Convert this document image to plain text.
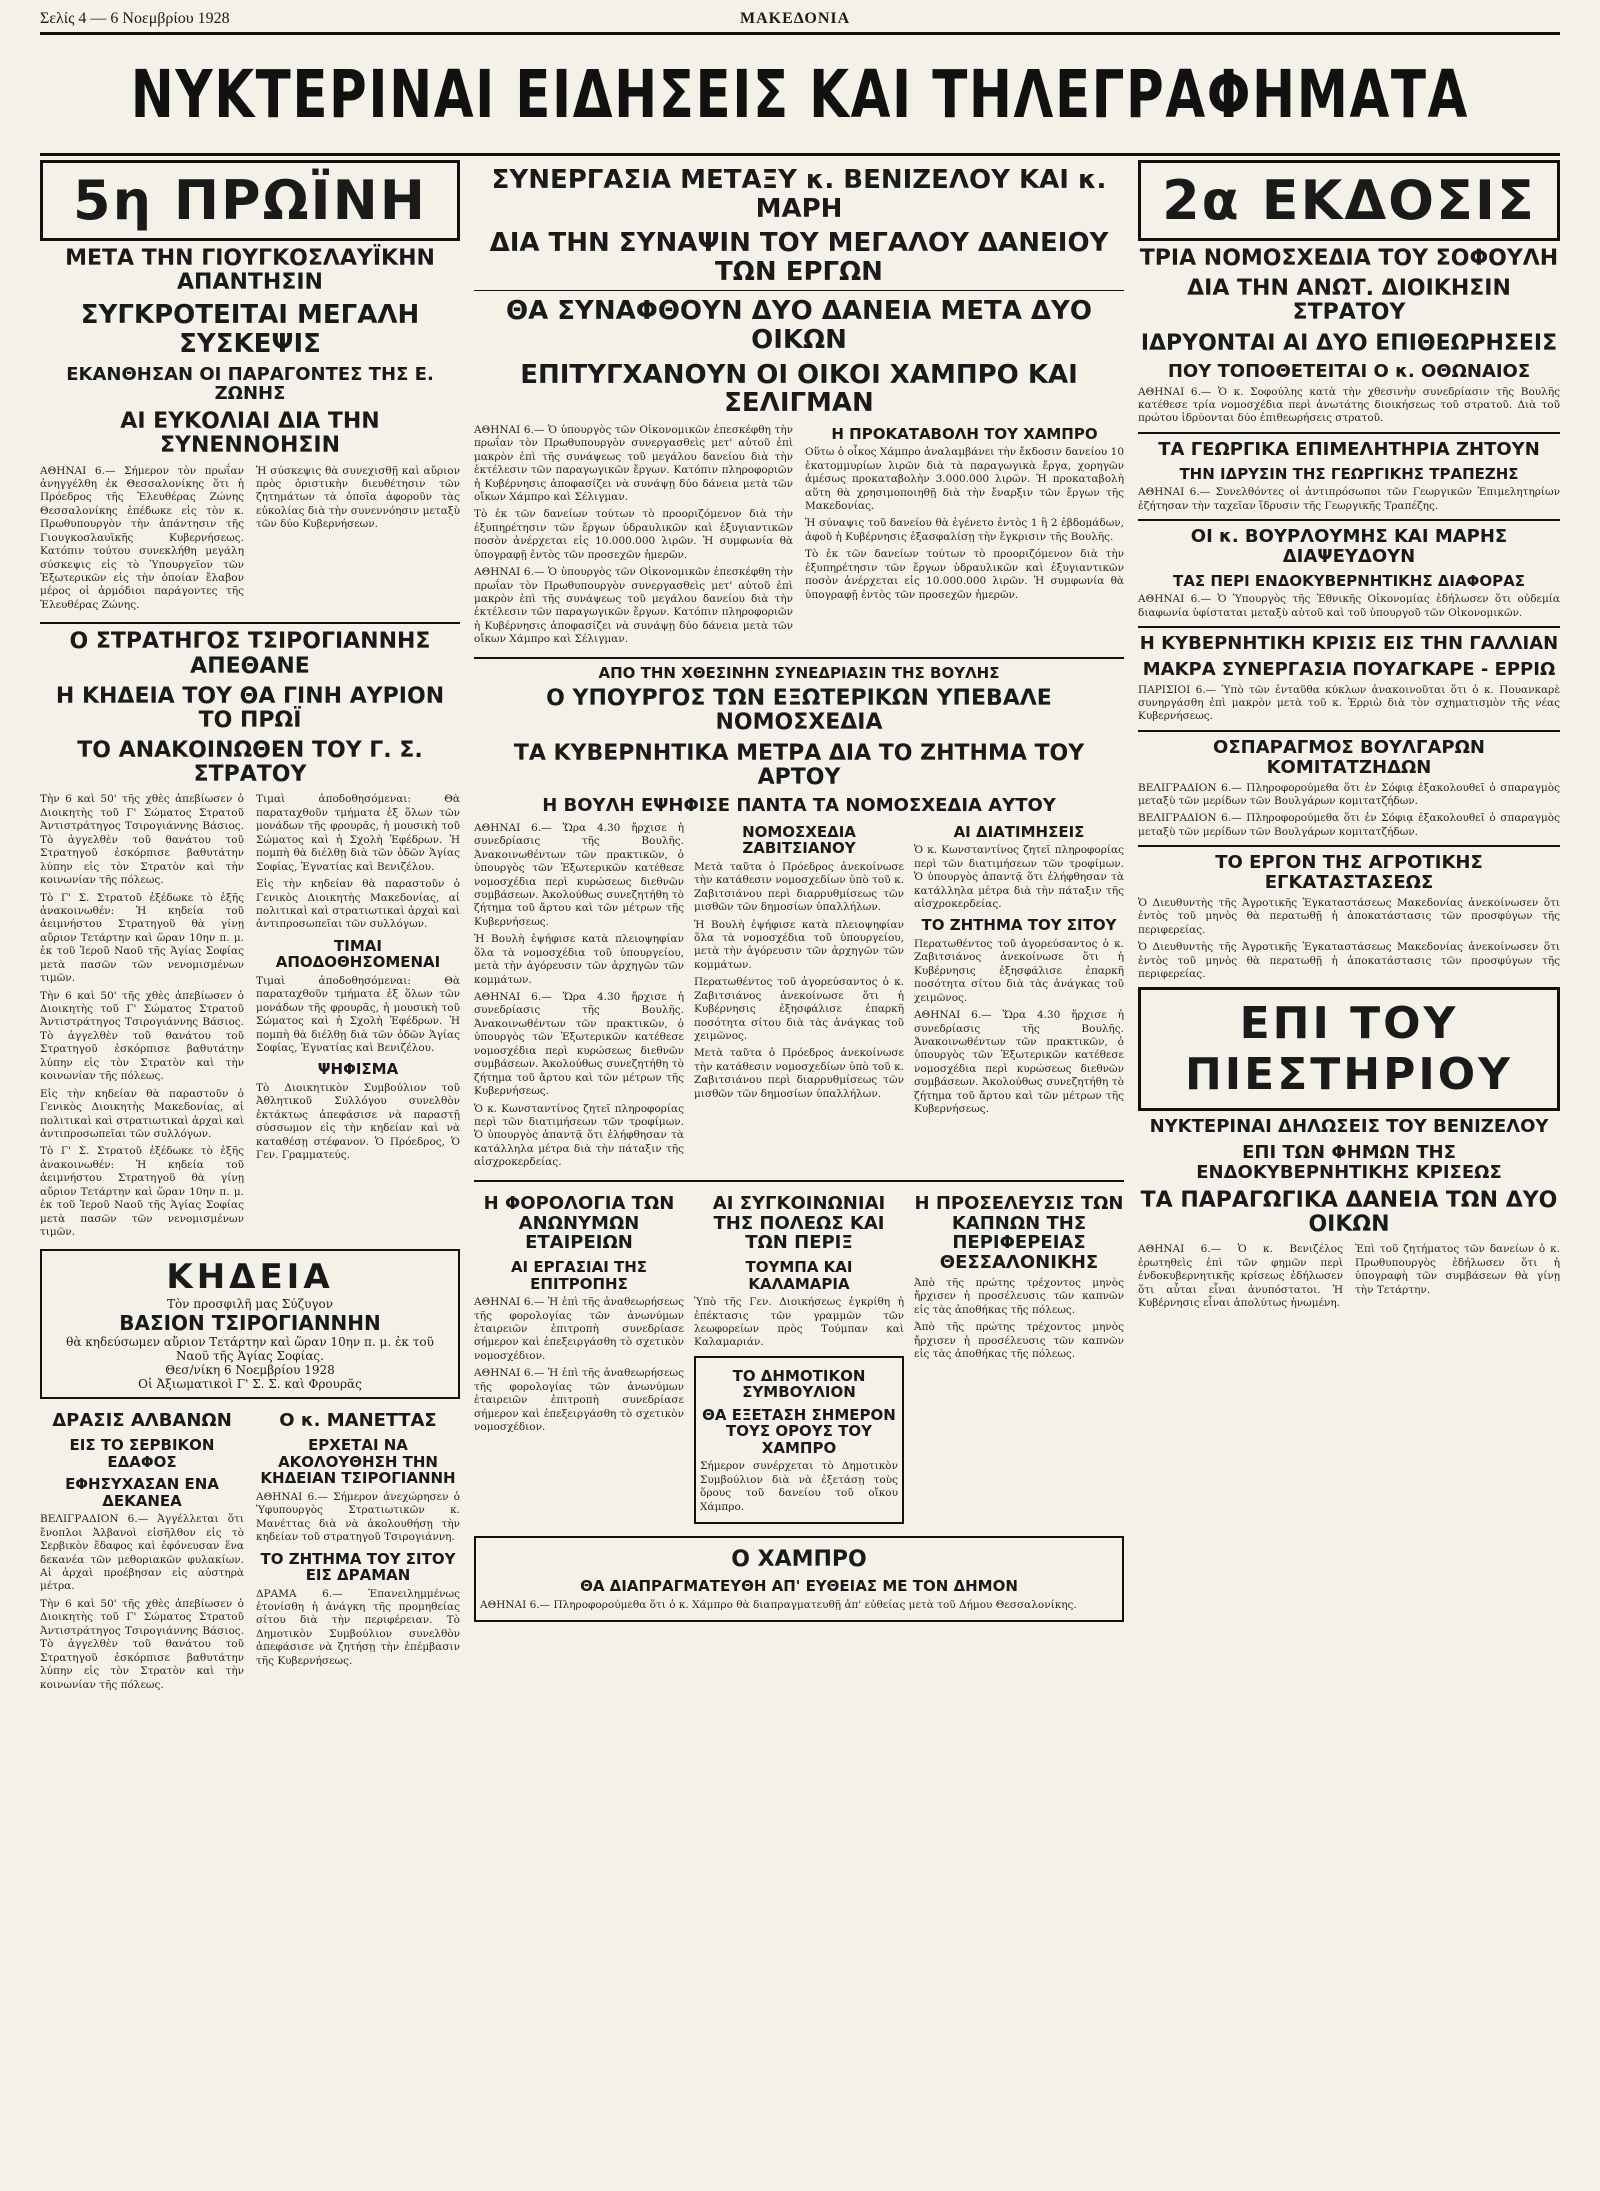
Σελίς 4 — 6 Νοεμβρίου 1928	ΜΑΚΕΔΟΝΙΑ
ΝΥΚΤΕΡΙΝΑΙ ΕΙΔΗΣΕΙΣ ΚΑΙ ΤΗΛΕΓΡΑΦΗΜΑΤΑ
5η ΠΡΩΪΝΗ
ΜΕΤΑ ΤΗΝ ΓΙΟΥΓΚΟΣΛΑΥΪΚΗΝ ΑΠΑΝΤΗΣΙΝ
ΣΥΓΚΡΟΤΕΙΤΑΙ ΜΕΓΑΛΗ ΣΥΣΚΕΨΙΣ
ΕΚΑΝΘΗΣΑΝ ΟΙ ΠΑΡΑΓΟΝΤΕΣ ΤΗΣ Ε. ΖΩΝΗΣ
ΑΙ ΕΥΚΟΛΙΑΙ ΔΙΑ ΤΗΝ ΣΥΝΕΝΝΟΗΣΙΝ

ΑΘΗΝΑΙ 6.— Σήμερον τὸν πρωΐαν ἀνηγγέλθη ἐκ Θεσσαλονίκης ὅτι ἡ Πρόεδρος τῆς Ἐλευθέρας Ζώνης Θεσσαλονίκης ἐπέδωκε εἰς τὸν κ. Πρωθυπουργὸν τὴν ἀπάντησιν τῆς Γιουγκοσλαυϊκῆς Κυβερνήσεως. Κατόπιν τούτου συνεκλήθη μεγάλη σύσκεψις εἰς τὸ Ὑπουργεῖον τῶν Ἐξωτερικῶν εἰς τὴν ὁποίαν ἔλαβον μέρος οἱ ἁρμόδιοι παράγοντες τῆς Ἐλευθέρας Ζώνης.

Ἡ σύσκεψις θὰ συνεχισθῇ καὶ αὔριον πρὸς ὁριστικὴν διευθέτησιν τῶν ζητημάτων τὰ ὁποῖα ἀφοροῦν τὰς εὐκολίας διὰ τὴν συνεννόησιν μεταξὺ τῶν δύο Κυβερνήσεων.

Ο ΣΤΡΑΤΗΓΟΣ ΤΣΙΡΟΓΙΑΝΝΗΣ ΑΠΕΘΑΝΕ
Η ΚΗΔΕΙΑ ΤΟΥ ΘΑ ΓΙΝΗ ΑΥΡΙΟΝ ΤΟ ΠΡΩΪ
ΤΟ ΑΝΑΚΟΙΝΩΘΕΝ ΤΟΥ Γ. Σ. ΣΤΡΑΤΟΥ

Τὴν 6 καὶ 50' τῆς χθὲς ἀπεβίωσεν ὁ Διοικητὴς τοῦ Γ' Σώματος Στρατοῦ Ἀντιστράτηγος Τσιρογιάννης Βάσιος. Τὸ ἀγγελθὲν τοῦ θανάτου τοῦ Στρατηγοῦ ἐσκόρπισε βαθυτάτην λύπην εἰς τὸν Στρατὸν καὶ τὴν κοινωνίαν τῆς πόλεως.

Τὸ Γ' Σ. Στρατοῦ ἐξέδωκε τὸ ἑξῆς ἀνακοινωθέν: Ἡ κηδεία τοῦ ἀειμνήστου Στρατηγοῦ θὰ γίνῃ αὔριον Τετάρτην καὶ ὥραν 10ην π. μ. ἐκ τοῦ Ἱεροῦ Ναοῦ τῆς Ἁγίας Σοφίας μετὰ πασῶν τῶν νενομισμένων τιμῶν.

Τὴν 6 καὶ 50' τῆς χθὲς ἀπεβίωσεν ὁ Διοικητὴς τοῦ Γ' Σώματος Στρατοῦ Ἀντιστράτηγος Τσιρογιάννης Βάσιος. Τὸ ἀγγελθὲν τοῦ θανάτου τοῦ Στρατηγοῦ ἐσκόρπισε βαθυτάτην λύπην εἰς τὸν Στρατὸν καὶ τὴν κοινωνίαν τῆς πόλεως.

Εἰς τὴν κηδείαν θὰ παραστοῦν ὁ Γενικὸς Διοικητὴς Μακεδονίας, αἱ πολιτικαὶ καὶ στρατιωτικαὶ ἀρχαὶ καὶ ἀντιπροσωπεῖαι τῶν συλλόγων.

Τὸ Γ' Σ. Στρατοῦ ἐξέδωκε τὸ ἑξῆς ἀνακοινωθέν: Ἡ κηδεία τοῦ ἀειμνήστου Στρατηγοῦ θὰ γίνῃ αὔριον Τετάρτην καὶ ὥραν 10ην π. μ. ἐκ τοῦ Ἱεροῦ Ναοῦ τῆς Ἁγίας Σοφίας μετὰ πασῶν τῶν νενομισμένων τιμῶν.

Τιμαὶ ἀποδοθησόμεναι: Θὰ παραταχθοῦν τμήματα ἐξ ὅλων τῶν μονάδων τῆς φρουρᾶς, ἡ μουσικὴ τοῦ Σώματος καὶ ἡ Σχολὴ Ἐφέδρων. Ἡ πομπὴ θὰ διέλθῃ διὰ τῶν ὁδῶν Ἁγίας Σοφίας, Ἐγνατίας καὶ Βενιζέλου.

Εἰς τὴν κηδείαν θὰ παραστοῦν ὁ Γενικὸς Διοικητὴς Μακεδονίας, αἱ πολιτικαὶ καὶ στρατιωτικαὶ ἀρχαὶ καὶ ἀντιπροσωπεῖαι τῶν συλλόγων.

ΤΙΜΑΙ ΑΠΟΔΟΘΗΣΟΜΕΝΑΙ

Τιμαὶ ἀποδοθησόμεναι: Θὰ παραταχθοῦν τμήματα ἐξ ὅλων τῶν μονάδων τῆς φρουρᾶς, ἡ μουσικὴ τοῦ Σώματος καὶ ἡ Σχολὴ Ἐφέδρων. Ἡ πομπὴ θὰ διέλθῃ διὰ τῶν ὁδῶν Ἁγίας Σοφίας, Ἐγνατίας καὶ Βενιζέλου.

ΨΗΦΙΣΜΑ

Τὸ Διοικητικὸν Συμβούλιον τοῦ Ἀθλητικοῦ Συλλόγου συνελθὸν ἐκτάκτως ἀπεφάσισε νὰ παραστῇ σύσσωμον εἰς τὴν κηδείαν καὶ νὰ καταθέσῃ στέφανον. Ὁ Πρόεδρος, Ὁ Γεν. Γραμματεύς.

ΚΗΔΕΙΑ
Τὸν προσφιλῆ μας Σύζυγον
ΒΑΣΙΟΝ ΤΣΙΡΟΓΙΑΝΝΗΝ
θὰ κηδεύσωμεν αὔριον Τετάρτην καὶ ὥραν 10ην π. μ. ἐκ τοῦ Ναοῦ τῆς Ἁγίας Σοφίας.
Θεσ/νίκη 6 Νοεμβρίου 1928
Οἱ Ἀξιωματικοὶ Γ' Σ. Σ. καὶ Φρουρᾶς
ΔΡΑΣΙΣ ΑΛΒΑΝΩΝ
ΕΙΣ ΤΟ ΣΕΡΒΙΚΟΝ ΕΔΑΦΟΣ
ΕΦΗΣΥΧΑΣΑΝ ΕΝΑ ΔΕΚΑΝΕΑ

ΒΕΛΙΓΡΑΔΙΟΝ 6.— Ἀγγέλλεται ὅτι ἔνοπλοι Ἀλβανοὶ εἰσῆλθον εἰς τὸ Σερβικὸν ἔδαφος καὶ ἐφόνευσαν ἕνα δεκανέα τῶν μεθοριακῶν φυλακίων. Αἱ ἀρχαὶ προέβησαν εἰς αὐστηρὰ μέτρα.

Τὴν 6 καὶ 50' τῆς χθὲς ἀπεβίωσεν ὁ Διοικητὴς τοῦ Γ' Σώματος Στρατοῦ Ἀντιστράτηγος Τσιρογιάννης Βάσιος. Τὸ ἀγγελθὲν τοῦ θανάτου τοῦ Στρατηγοῦ ἐσκόρπισε βαθυτάτην λύπην εἰς τὸν Στρατὸν καὶ τὴν κοινωνίαν τῆς πόλεως.

Ο κ. ΜΑΝΕΤΤΑΣ
ΕΡΧΕΤΑΙ ΝΑ ΑΚΟΛΟΥΘΗΣΗ ΤΗΝ ΚΗΔΕΙΑΝ ΤΣΙΡΟΓΙΑΝΝΗ

ΑΘΗΝΑΙ 6.— Σήμερον ἀνεχώρησεν ὁ Ὑφυπουργὸς Στρατιωτικῶν κ. Μανέττας διὰ νὰ ἀκολουθήσῃ τὴν κηδείαν τοῦ στρατηγοῦ Τσιρογιάννη.

ΤΟ ΖΗΤΗΜΑ ΤΟΥ ΣΙΤΟΥ ΕΙΣ ΔΡΑΜΑΝ

ΔΡΑΜΑ 6.— Ἐπανειλημμένως ἐτονίσθη ἡ ἀνάγκη τῆς προμηθείας σίτου διὰ τὴν περιφέρειαν. Τὸ Δημοτικὸν Συμβούλιον συνελθὸν ἀπεφάσισε νὰ ζητήσῃ τὴν ἐπέμβασιν τῆς Κυβερνήσεως.

ΣΥΝΕΡΓΑΣΙΑ ΜΕΤΑΞΥ κ. ΒΕΝΙΖΕΛΟΥ ΚΑΙ κ. ΜΑΡΗ
ΔΙΑ ΤΗΝ ΣΥΝΑΨΙΝ ΤΟΥ ΜΕΓΑΛΟΥ ΔΑΝΕΙΟΥ ΤΩΝ ΕΡΓΩΝ
ΘΑ ΣΥΝΑΦΘΟΥΝ ΔΥΟ ΔΑΝΕΙΑ ΜΕΤΑ ΔΥΟ ΟΙΚΩΝ
ΕΠΙΤΥΓΧΑΝΟΥΝ ΟΙ ΟΙΚΟΙ ΧΑΜΠΡΟ ΚΑΙ ΣΕΛΙΓΜΑΝ

ΑΘΗΝΑΙ 6.— Ὁ ὑπουργὸς τῶν Οἰκονομικῶν ἐπεσκέφθη τὴν πρωΐαν τὸν Πρωθυπουργὸν συνεργασθεὶς μετ' αὐτοῦ ἐπὶ μακρὸν ἐπὶ τῆς συνάψεως τοῦ μεγάλου δανείου διὰ τὴν ἐκτέλεσιν τῶν παραγωγικῶν ἔργων. Κατόπιν πληροφοριῶν ἡ Κυβέρνησις ἀποφασίζει νὰ συνάψῃ δύο δάνεια μετὰ τῶν οἴκων Χάμπρο καὶ Σέλιγμαν.

Τὸ ἐκ τῶν δανείων τούτων τὸ προοριζόμενον διὰ τὴν ἐξυπηρέτησιν τῶν ἔργων ὑδραυλικῶν καὶ ἐξυγιαντικῶν ποσὸν ἀνέρχεται εἰς 10.000.000 λιρῶν. Ἡ συμφωνία θὰ ὑπογραφῇ ἐντὸς τῶν προσεχῶν ἡμερῶν.

ΑΘΗΝΑΙ 6.— Ὁ ὑπουργὸς τῶν Οἰκονομικῶν ἐπεσκέφθη τὴν πρωΐαν τὸν Πρωθυπουργὸν συνεργασθεὶς μετ' αὐτοῦ ἐπὶ μακρὸν ἐπὶ τῆς συνάψεως τοῦ μεγάλου δανείου διὰ τὴν ἐκτέλεσιν τῶν παραγωγικῶν ἔργων. Κατόπιν πληροφοριῶν ἡ Κυβέρνησις ἀποφασίζει νὰ συνάψῃ δύο δάνεια μετὰ τῶν οἴκων Χάμπρο καὶ Σέλιγμαν.

Η ΠΡΟΚΑΤΑΒΟΛΗ ΤΟΥ ΧΑΜΠΡΟ

Οὕτω ὁ οἶκος Χάμπρο ἀναλαμβάνει τὴν ἔκδοσιν δανείου 10 ἑκατομμυρίων λιρῶν διὰ τὰ παραγωγικὰ ἔργα, χορηγῶν ἀμέσως προκαταβολὴν 3.000.000 λιρῶν. Ἡ προκαταβολὴ αὕτη θὰ χρησιμοποιηθῇ διὰ τὴν ἔναρξιν τῶν ἔργων τῆς Μακεδονίας.

Ἡ σύναψις τοῦ δανείου θὰ ἐγένετο ἐντὸς 1 ἢ 2 ἑβδομάδων, ἀφοῦ ἡ Κυβέρνησις ἐξασφαλίσῃ τὴν ἔγκρισιν τῆς Βουλῆς.

Τὸ ἐκ τῶν δανείων τούτων τὸ προοριζόμενον διὰ τὴν ἐξυπηρέτησιν τῶν ἔργων ὑδραυλικῶν καὶ ἐξυγιαντικῶν ποσὸν ἀνέρχεται εἰς 10.000.000 λιρῶν. Ἡ συμφωνία θὰ ὑπογραφῇ ἐντὸς τῶν προσεχῶν ἡμερῶν.

ΑΠΟ ΤΗΝ ΧΘΕΣΙΝΗΝ ΣΥΝΕΔΡΙΑΣΙΝ ΤΗΣ ΒΟΥΛΗΣ
Ο ΥΠΟΥΡΓΟΣ ΤΩΝ ΕΞΩΤΕΡΙΚΩΝ ΥΠΕΒΑΛΕ ΝΟΜΟΣΧΕΔΙΑ
ΤΑ ΚΥΒΕΡΝΗΤΙΚΑ ΜΕΤΡΑ ΔΙΑ ΤΟ ΖΗΤΗΜΑ ΤΟΥ ΑΡΤΟΥ
Η ΒΟΥΛΗ ΕΨΗΦΙΣΕ ΠΑΝΤΑ ΤΑ ΝΟΜΟΣΧΕΔΙΑ ΑΥΤΟΥ

ΑΘΗΝΑΙ 6.— Ὥρα 4.30 ἤρχισε ἡ συνεδρίασις τῆς Βουλῆς. Ἀνακοινωθέντων τῶν πρακτικῶν, ὁ ὑπουργὸς τῶν Ἐξωτερικῶν κατέθεσε νομοσχέδια περὶ κυρώσεως διεθνῶν συμβάσεων. Ἀκολούθως συνεζητήθη τὸ ζήτημα τοῦ ἄρτου καὶ τῶν μέτρων τῆς Κυβερνήσεως.

Ἡ Βουλὴ ἐψήφισε κατὰ πλειοψηφίαν ὅλα τὰ νομοσχέδια τοῦ ὑπουργείου, μετὰ τὴν ἀγόρευσιν τῶν ἀρχηγῶν τῶν κομμάτων.

ΑΘΗΝΑΙ 6.— Ὥρα 4.30 ἤρχισε ἡ συνεδρίασις τῆς Βουλῆς. Ἀνακοινωθέντων τῶν πρακτικῶν, ὁ ὑπουργὸς τῶν Ἐξωτερικῶν κατέθεσε νομοσχέδια περὶ κυρώσεως διεθνῶν συμβάσεων. Ἀκολούθως συνεζητήθη τὸ ζήτημα τοῦ ἄρτου καὶ τῶν μέτρων τῆς Κυβερνήσεως.

Ὁ κ. Κωνσταντίνος ζητεῖ πληροφορίας περὶ τῶν διατιμήσεων τῶν τροφίμων. Ὁ ὑπουργὸς ἀπαντᾷ ὅτι ἐλήφθησαν τὰ κατάλληλα μέτρα διὰ τὴν πάταξιν τῆς αἰσχροκερδείας.

ΝΟΜΟΣΧΕΔΙΑ ΖΑΒΙΤΣΙΑΝΟΥ

Μετὰ ταῦτα ὁ Πρόεδρος ἀνεκοίνωσε τὴν κατάθεσιν νομοσχεδίων ὑπὸ τοῦ κ. Ζαβιτσιάνου περὶ διαρρυθμίσεως τῶν μισθῶν τῶν δημοσίων ὑπαλλήλων.

Ἡ Βουλὴ ἐψήφισε κατὰ πλειοψηφίαν ὅλα τὰ νομοσχέδια τοῦ ὑπουργείου, μετὰ τὴν ἀγόρευσιν τῶν ἀρχηγῶν τῶν κομμάτων.

Περατωθέντος τοῦ ἀγορεύσαντος ὁ κ. Ζαβιτσιάνος ἀνεκοίνωσε ὅτι ἡ Κυβέρνησις ἐξησφάλισε ἐπαρκῆ ποσότητα σίτου διὰ τὰς ἀνάγκας τοῦ χειμῶνος.

Μετὰ ταῦτα ὁ Πρόεδρος ἀνεκοίνωσε τὴν κατάθεσιν νομοσχεδίων ὑπὸ τοῦ κ. Ζαβιτσιάνου περὶ διαρρυθμίσεως τῶν μισθῶν τῶν δημοσίων ὑπαλλήλων.

ΑΙ ΔΙΑΤΙΜΗΣΕΙΣ

Ὁ κ. Κωνσταντίνος ζητεῖ πληροφορίας περὶ τῶν διατιμήσεων τῶν τροφίμων. Ὁ ὑπουργὸς ἀπαντᾷ ὅτι ἐλήφθησαν τὰ κατάλληλα μέτρα διὰ τὴν πάταξιν τῆς αἰσχροκερδείας.

ΤΟ ΖΗΤΗΜΑ ΤΟΥ ΣΙΤΟΥ

Περατωθέντος τοῦ ἀγορεύσαντος ὁ κ. Ζαβιτσιάνος ἀνεκοίνωσε ὅτι ἡ Κυβέρνησις ἐξησφάλισε ἐπαρκῆ ποσότητα σίτου διὰ τὰς ἀνάγκας τοῦ χειμῶνος.

ΑΘΗΝΑΙ 6.— Ὥρα 4.30 ἤρχισε ἡ συνεδρίασις τῆς Βουλῆς. Ἀνακοινωθέντων τῶν πρακτικῶν, ὁ ὑπουργὸς τῶν Ἐξωτερικῶν κατέθεσε νομοσχέδια περὶ κυρώσεως διεθνῶν συμβάσεων. Ἀκολούθως συνεζητήθη τὸ ζήτημα τοῦ ἄρτου καὶ τῶν μέτρων τῆς Κυβερνήσεως.

Η ΦΟΡΟΛΟΓΙΑ ΤΩΝ ΑΝΩΝΥΜΩΝ ΕΤΑΙΡΕΙΩΝ
ΑΙ ΕΡΓΑΣΙΑΙ ΤΗΣ ΕΠΙΤΡΟΠΗΣ

ΑΘΗΝΑΙ 6.— Ἡ ἐπὶ τῆς ἀναθεωρήσεως τῆς φορολογίας τῶν ἀνωνύμων ἑταιρειῶν ἐπιτροπὴ συνεδρίασε σήμερον καὶ ἐπεξειργάσθη τὸ σχετικὸν νομοσχέδιον.

ΑΘΗΝΑΙ 6.— Ἡ ἐπὶ τῆς ἀναθεωρήσεως τῆς φορολογίας τῶν ἀνωνύμων ἑταιρειῶν ἐπιτροπὴ συνεδρίασε σήμερον καὶ ἐπεξειργάσθη τὸ σχετικὸν νομοσχέδιον.

ΑΙ ΣΥΓΚΟΙΝΩΝΙΑΙ ΤΗΣ ΠΟΛΕΩΣ ΚΑΙ ΤΩΝ ΠΕΡΙΞ
ΤΟΥΜΠΑ ΚΑΙ ΚΑΛΑΜΑΡΙΑ

Ὑπὸ τῆς Γεν. Διοικήσεως ἐγκρίθη ἡ ἐπέκτασις τῶν γραμμῶν τῶν λεωφορείων πρὸς Τούμπαν καὶ Καλαμαριάν.

ΤΟ ΔΗΜΟΤΙΚΟΝ ΣΥΜΒΟΥΛΙΟΝ
ΘΑ ΕΞΕΤΑΣΗ ΣΗΜΕΡΟΝ ΤΟΥΣ ΟΡΟΥΣ ΤΟΥ ΧΑΜΠΡΟ

Σήμερον συνέρχεται τὸ Δημοτικὸν Συμβούλιον διὰ νὰ ἐξετάσῃ τοὺς ὅρους τοῦ δανείου τοῦ οἴκου Χάμπρο.

Η ΠΡΟΣΕΛΕΥΣΙΣ ΤΩΝ ΚΑΠΝΩΝ ΤΗΣ ΠΕΡΙΦΕΡΕΙΑΣ ΘΕΣΣΑΛΟΝΙΚΗΣ

Ἀπὸ τῆς πρώτης τρέχοντος μηνὸς ἤρχισεν ἡ προσέλευσις τῶν καπνῶν εἰς τὰς ἀποθήκας τῆς πόλεως.

Ἀπὸ τῆς πρώτης τρέχοντος μηνὸς ἤρχισεν ἡ προσέλευσις τῶν καπνῶν εἰς τὰς ἀποθήκας τῆς πόλεως.

Ο ΧΑΜΠΡΟ
ΘΑ ΔΙΑΠΡΑΓΜΑΤΕΥΘΗ ΑΠ' ΕΥΘΕΙΑΣ ΜΕ ΤΟΝ ΔΗΜΟΝ

ΑΘΗΝΑΙ 6.— Πληροφορούμεθα ὅτι ὁ κ. Χάμπρο θὰ διαπραγματευθῇ ἀπ' εὐθείας μετὰ τοῦ Δήμου Θεσσαλονίκης.

2α ΕΚΔΟΣΙΣ
ΤΡΙΑ ΝΟΜΟΣΧΕΔΙΑ ΤΟΥ ΣΟΦΟΥΛΗ
ΔΙΑ ΤΗΝ ΑΝΩΤ. ΔΙΟΙΚΗΣΙΝ ΣΤΡΑΤΟΥ
ΙΔΡΥΟΝΤΑΙ ΑΙ ΔΥΟ ΕΠΙΘΕΩΡΗΣΕΙΣ
ΠΟΥ ΤΟΠΟΘΕΤΕΙΤΑΙ Ο κ. ΟΘΩΝΑΙΟΣ

ΑΘΗΝΑΙ 6.— Ὁ κ. Σοφούλης κατὰ τὴν χθεσινὴν συνεδρίασιν τῆς Βουλῆς κατέθεσε τρία νομοσχέδια περὶ ἀνωτάτης διοικήσεως τοῦ στρατοῦ. Διὰ τοῦ πρώτου ἱδρύονται δύο ἐπιθεωρήσεις στρατοῦ.

ΤΑ ΓΕΩΡΓΙΚΑ ΕΠΙΜΕΛΗΤΗΡΙΑ ΖΗΤΟΥΝ
ΤΗΝ ΙΔΡΥΣΙΝ ΤΗΣ ΓΕΩΡΓΙΚΗΣ ΤΡΑΠΕΖΗΣ

ΑΘΗΝΑΙ 6.— Συνελθόντες οἱ ἀντιπρόσωποι τῶν Γεωργικῶν Ἐπιμελητηρίων ἐζήτησαν τὴν ταχεῖαν ἵδρυσιν τῆς Γεωργικῆς Τραπέζης.

ΟΙ κ. ΒΟΥΡΛΟΥΜΗΣ ΚΑΙ ΜΑΡΗΣ ΔΙΑΨΕΥΔΟΥΝ
ΤΑΣ ΠΕΡΙ ΕΝΔΟΚΥΒΕΡΝΗΤΙΚΗΣ ΔΙΑΦΟΡΑΣ

ΑΘΗΝΑΙ 6.— Ὁ Ὑπουργὸς τῆς Ἐθνικῆς Οἰκονομίας ἐδήλωσεν ὅτι οὐδεμία διαφωνία ὑφίσταται μεταξὺ αὐτοῦ καὶ τοῦ ὑπουργοῦ τῶν Οἰκονομικῶν.

Η ΚΥΒΕΡΝΗΤΙΚΗ ΚΡΙΣΙΣ ΕΙΣ ΤΗΝ ΓΑΛΛΙΑΝ
ΜΑΚΡΑ ΣΥΝΕΡΓΑΣΙΑ ΠΟΥΑΓΚΑΡΕ - ΕΡΡΙΩ

ΠΑΡΙΣΙΟΙ 6.— Ὑπὸ τῶν ἐνταῦθα κύκλων ἀνακοινοῦται ὅτι ὁ κ. Πουανκαρὲ συνηργάσθη ἐπὶ μακρὸν μετὰ τοῦ κ. Ἑρριὼ διὰ τὸν σχηματισμὸν τῆς νέας Κυβερνήσεως.

ΟΣΠΑΡΑΓΜΟΣ ΒΟΥΛΓΑΡΩΝ ΚΟΜΙΤΑΤΖΗΔΩΝ

ΒΕΛΙΓΡΑΔΙΟΝ 6.— Πληροφορούμεθα ὅτι ἐν Σόφιᾳ ἐξακολουθεῖ ὁ σπαραγμὸς μεταξὺ τῶν μερίδων τῶν Βουλγάρων κομιτατζήδων.

ΒΕΛΙΓΡΑΔΙΟΝ 6.— Πληροφορούμεθα ὅτι ἐν Σόφιᾳ ἐξακολουθεῖ ὁ σπαραγμὸς μεταξὺ τῶν μερίδων τῶν Βουλγάρων κομιτατζήδων.

ΤΟ ΕΡΓΟΝ ΤΗΣ ΑΓΡΟΤΙΚΗΣ ΕΓΚΑΤΑΣΤΑΣΕΩΣ

Ὁ Διευθυντὴς τῆς Ἀγροτικῆς Ἐγκαταστάσεως Μακεδονίας ἀνεκοίνωσεν ὅτι ἐντὸς τοῦ μηνὸς θὰ περατωθῇ ἡ ἀποκατάστασις τῶν προσφύγων τῆς περιφερείας.

Ὁ Διευθυντὴς τῆς Ἀγροτικῆς Ἐγκαταστάσεως Μακεδονίας ἀνεκοίνωσεν ὅτι ἐντὸς τοῦ μηνὸς θὰ περατωθῇ ἡ ἀποκατάστασις τῶν προσφύγων τῆς περιφερείας.

ΕΠΙ ΤΟΥ ΠΙΕΣΤΗΡΙΟΥ
ΝΥΚΤΕΡΙΝΑΙ ΔΗΛΩΣΕΙΣ ΤΟΥ ΒΕΝΙΖΕΛΟΥ
ΕΠΙ ΤΩΝ ΦΗΜΩΝ ΤΗΣ ΕΝΔΟΚΥΒΕΡΝΗΤΙΚΗΣ ΚΡΙΣΕΩΣ
ΤΑ ΠΑΡΑΓΩΓΙΚΑ ΔΑΝΕΙΑ ΤΩΝ ΔΥΟ ΟΙΚΩΝ

ΑΘΗΝΑΙ 6.— Ὁ κ. Βενιζέλος ἐρωτηθεὶς ἐπὶ τῶν φημῶν περὶ ἐνδοκυβερνητικῆς κρίσεως ἐδήλωσεν ὅτι αὗται εἶναι ἀνυπόστατοι. Ἡ Κυβέρνησις εἶναι ἀπολύτως ἡνωμένη.

Ἐπὶ τοῦ ζητήματος τῶν δανείων ὁ κ. Πρωθυπουργὸς ἐδήλωσεν ὅτι ἡ ὑπογραφὴ τῶν συμβάσεων θὰ γίνῃ τὴν Τετάρτην.
